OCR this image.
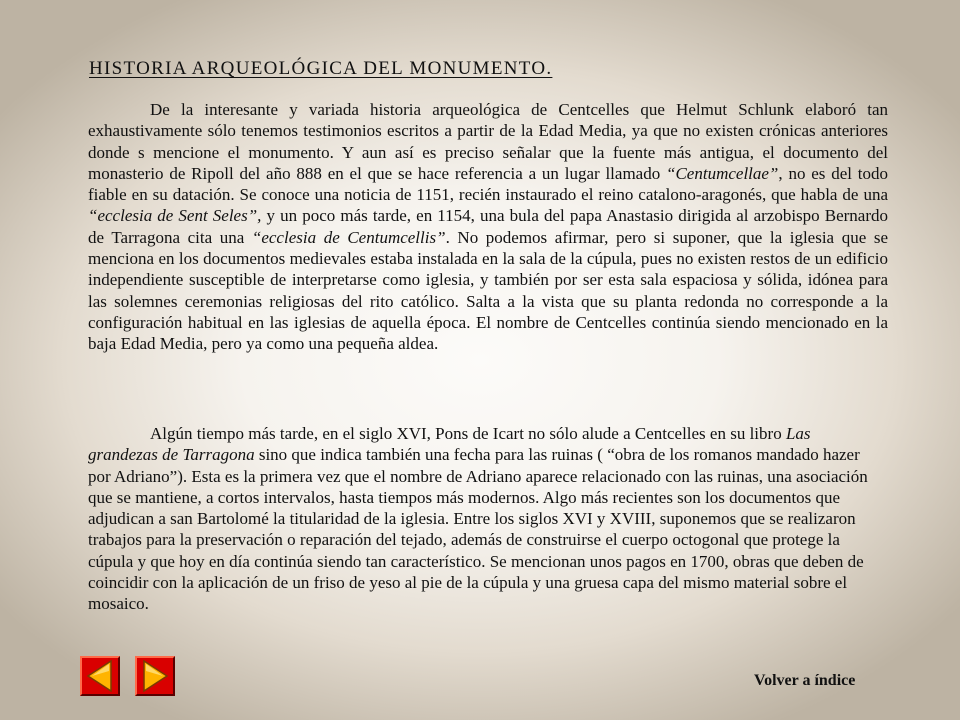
HISTORIA ARQUEOLÓGICA DEL MONUMENTO.

De la interesante y variada historia arqueológica de Centcelles que Helmut Schlunk elaboró tan exhaustivamente sólo tenemos testimonios escritos a partir de la Edad Media, ya que no existen crónicas anteriores donde s mencione el monumento. Y aun así es preciso señalar que la fuente más antigua, el documento del monasterio de Ripoll del año 888 en el que se hace referencia a un lugar llamado “Centumcellae”, no es del todo fiable en su datación. Se conoce una noticia de 1151, recién instaurado el reino catalono-aragonés, que habla de una “ecclesia de Sent Seles”, y un poco más tarde, en 1154, una bula del papa Anastasio dirigida al arzobispo Bernardo de Tarragona cita una “ecclesia de Centumcellis”. No podemos afirmar, pero si suponer, que la iglesia que se menciona en los documentos medievales estaba instalada en la sala de la cúpula, pues no existen restos de un edificio independiente susceptible de interpretarse como iglesia, y también por ser esta sala espaciosa y sólida, idónea para las solemnes ceremonias religiosas del rito católico. Salta a la vista que su planta redonda no corresponde a la configuración habitual en las iglesias de aquella época. El nombre de Centcelles continúa siendo mencionado en la baja Edad Media, pero ya como una pequeña aldea.

Algún tiempo más tarde, en el siglo XVI, Pons de Icart no sólo alude a Centcelles en su libro Las grandezas de Tarragona sino que indica también una fecha para las ruinas ( “obra de los romanos mandado hazer por Adriano”). Esta es la primera vez que el nombre de Adriano aparece relacionado con las ruinas, una asociación que se mantiene, a cortos intervalos, hasta tiempos más modernos. Algo más recientes son los documentos que adjudican a san Bartolomé la titularidad de la iglesia. Entre los siglos XVI y XVIII, suponemos que se realizaron trabajos para la preservación o reparación del tejado, además de construirse el cuerpo octogonal que protege la cúpula y que hoy en día continúa siendo tan característico. Se mencionan unos pagos en 1700, obras que deben de coincidir con la aplicación de un friso de yeso al pie de la cúpula y una gruesa capa del mismo material sobre el mosaico.

Volver a índice
